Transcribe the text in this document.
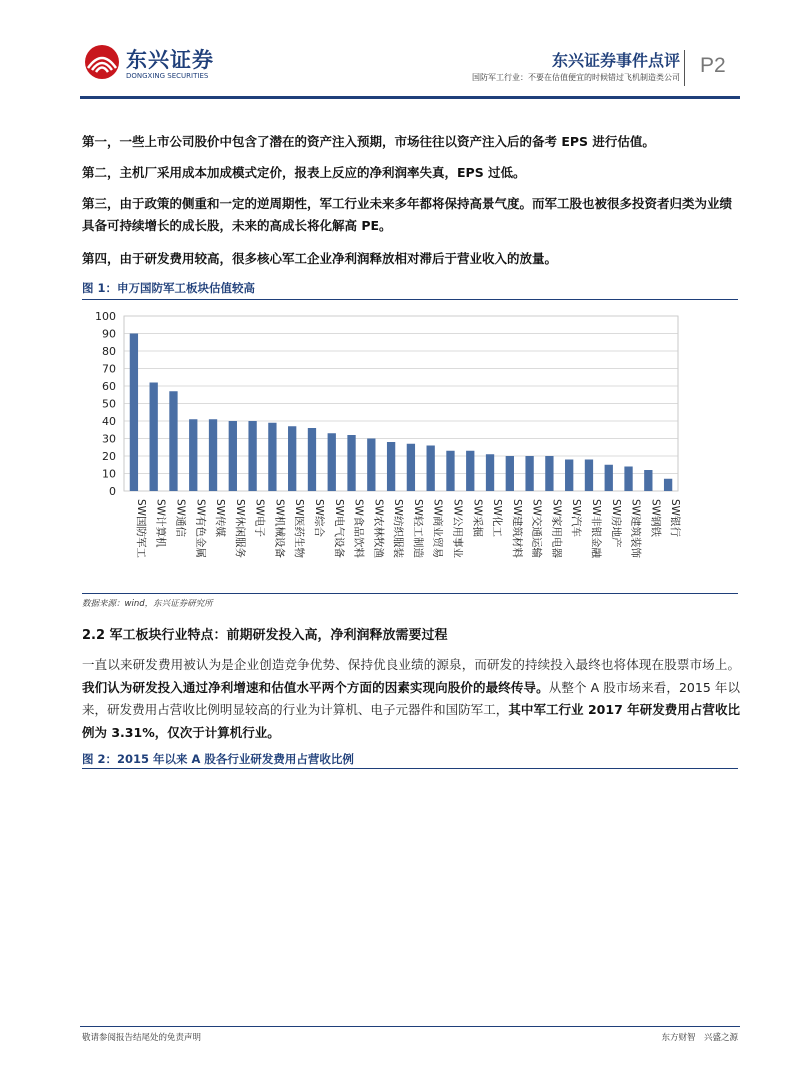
东兴证券
DONGXING SECURITIES
东兴证券事件点评
国防军工行业：不要在估值便宜的时候错过飞机制造类公司
P2
第一，一些上市公司股价中包含了潜在的资产注入预期，市场往往以资产注入后的备考 EPS 进行估值。
第二，主机厂采用成本加成模式定价，报表上反应的净利润率失真，EPS 过低。
第三，由于政策的侧重和一定的逆周期性，军工行业未来多年都将保持高景气度。而军工股也被很多投资者归类为业绩具备可持续增长的成长股，未来的高成长将化解高 PE。
第四，由于研发费用较高，很多核心军工企业净利润释放相对滞后于营业收入的放量。
图 1：申万国防军工板块估值较高
0
10
20
30
40
50
60
70
80
90
100
SW国防军工 SW计算机 SW通信 SW有色金属 SW传媒 SW休闲服务 SW电子 SW机械设备 SW医药生物 SW综合 SW电气设备 SW食品饮料 SW农林牧渔 SW纺织服装 SW轻工制造 SW商业贸易 SW公用事业 SW采掘 SW化工 SW建筑材料 SW交通运输 SW家用电器 SW汽车 SW非银金融 SW房地产 SW建筑装饰 SW钢铁 SW银行
数据来源：wind，东兴证券研究所
2.2 军工板块行业特点：前期研发投入高，净利润释放需要过程
一直以来研发费用被认为是企业创造竞争优势、保持优良业绩的源泉，而研发的持续投入最终也将体现在股票市场上。我们认为研发投入通过净利增速和估值水平两个方面的因素实现向股价的最终传导。从整个 A 股市场来看，2015 年以来，研发费用占营收比例明显较高的行业为计算机、电子元器件和国防军工，其中军工行业 2017 年研发费用占营收比例为 3.31%，仅次于计算机行业。
图 2：2015 年以来 A 股各行业研发费用占营收比例
敬请参阅报告结尾处的免责声明	东方财智　兴盛之源
